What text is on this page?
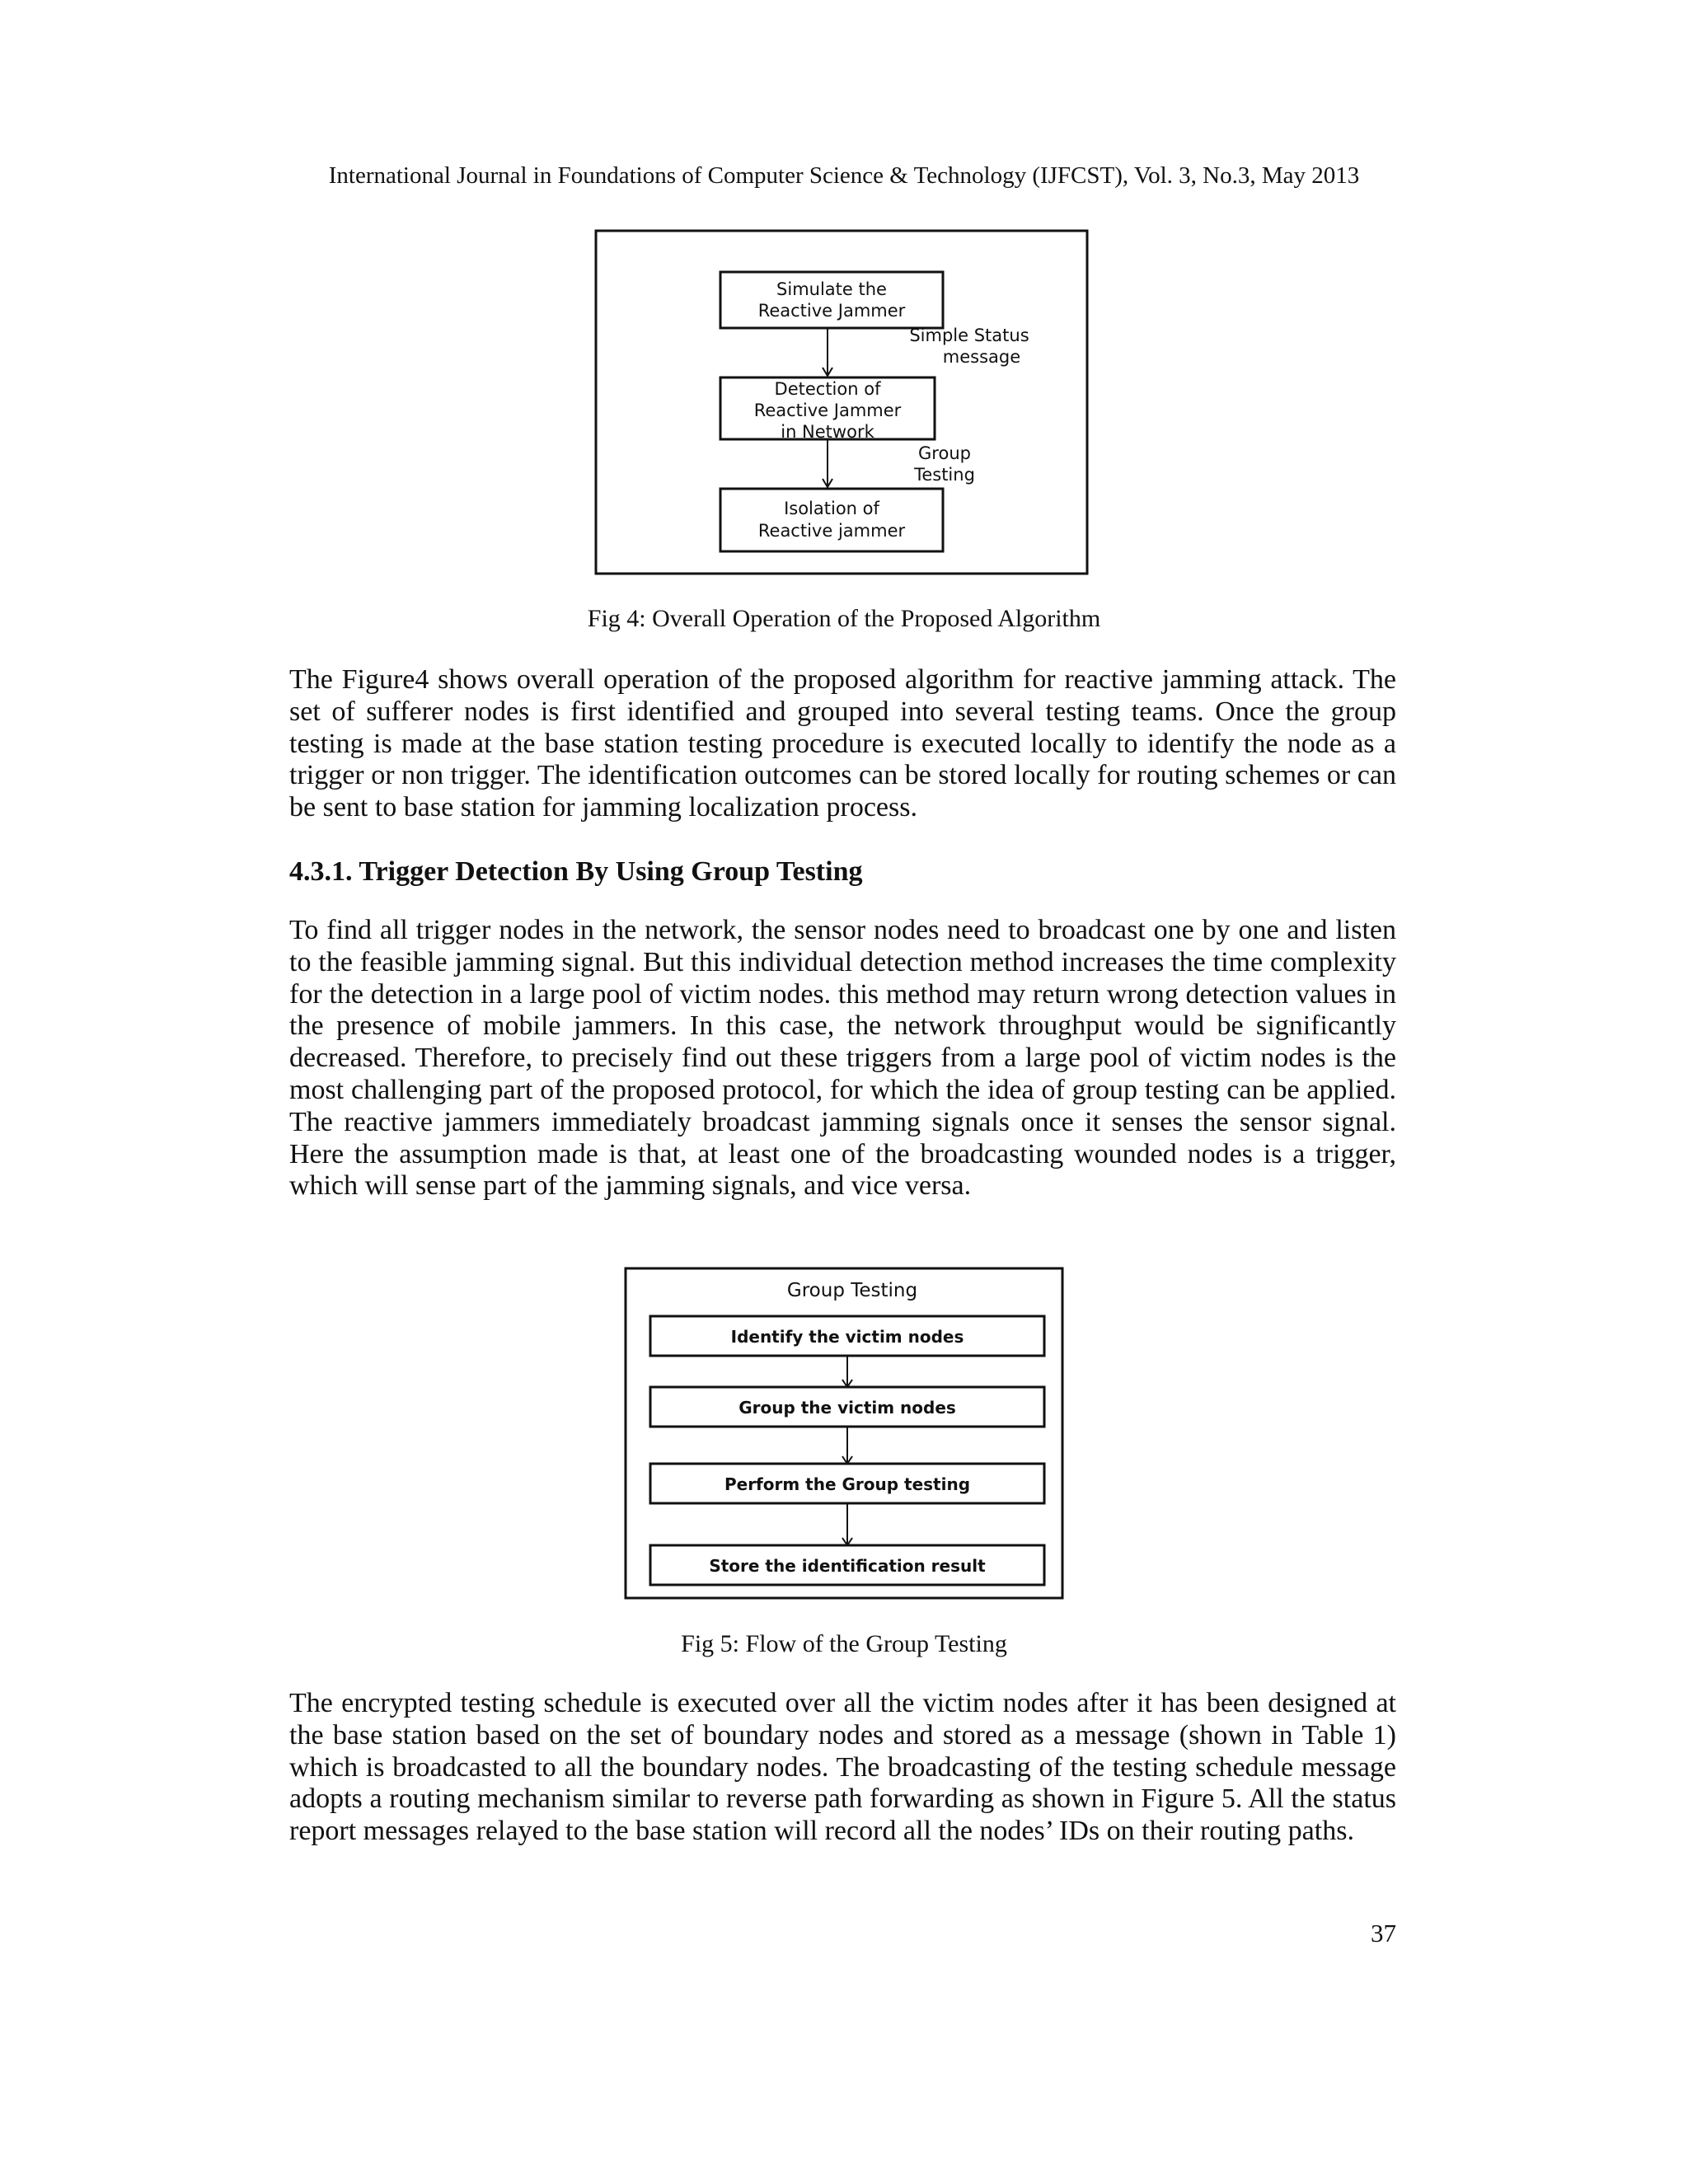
International Journal in Foundations of Computer Science & Technology (IJFCST), Vol. 3, No.3, May 2013
Simulate the
Reactive Jammer
Simple Status
message
Detection of
Reactive Jammer
in Network
Group
Testing
Isolation of
Reactive jammer
Fig 4: Overall Operation of the Proposed Algorithm

The Figure4 shows overall operation of the proposed algorithm for reactive jamming attack. The set of sufferer nodes is first identified and grouped into several testing teams. Once the group testing is made at the base station testing procedure is executed locally to identify the node as a trigger or non trigger. The identification outcomes can be stored locally for routing schemes or can be sent to base station for jamming localization process.

4.3.1. Trigger Detection By Using Group Testing

To find all trigger nodes in the network, the sensor nodes need to broadcast one by one and listen to the feasible jamming signal. But this individual detection method increases the time complexity for the detection in a large pool of victim nodes. this method may return wrong detection values in the presence of mobile jammers. In this case, the network throughput would be significantly decreased. Therefore, to precisely find out these triggers from a large pool of victim nodes is the most challenging part of the proposed protocol, for which the idea of group testing can be applied. The reactive jammers immediately broadcast jamming signals once it senses the sensor signal. Here the assumption made is that, at least one of the broadcasting wounded nodes is a trigger, which will sense part of the jamming signals, and vice versa.

Group Testing
Identify the victim nodes
Group the victim nodes
Perform the Group testing
Store the identification result
Fig 5: Flow of the Group Testing

The encrypted testing schedule is executed over all the victim nodes after it has been designed at the base station based on the set of boundary nodes and stored as a message (shown in Table 1) which is broadcasted to all the boundary nodes. The broadcasting of the testing schedule message adopts a routing mechanism similar to reverse path forwarding as shown in Figure 5. All the status report messages relayed to the base station will record all the nodes’ IDs on their routing paths.

37
